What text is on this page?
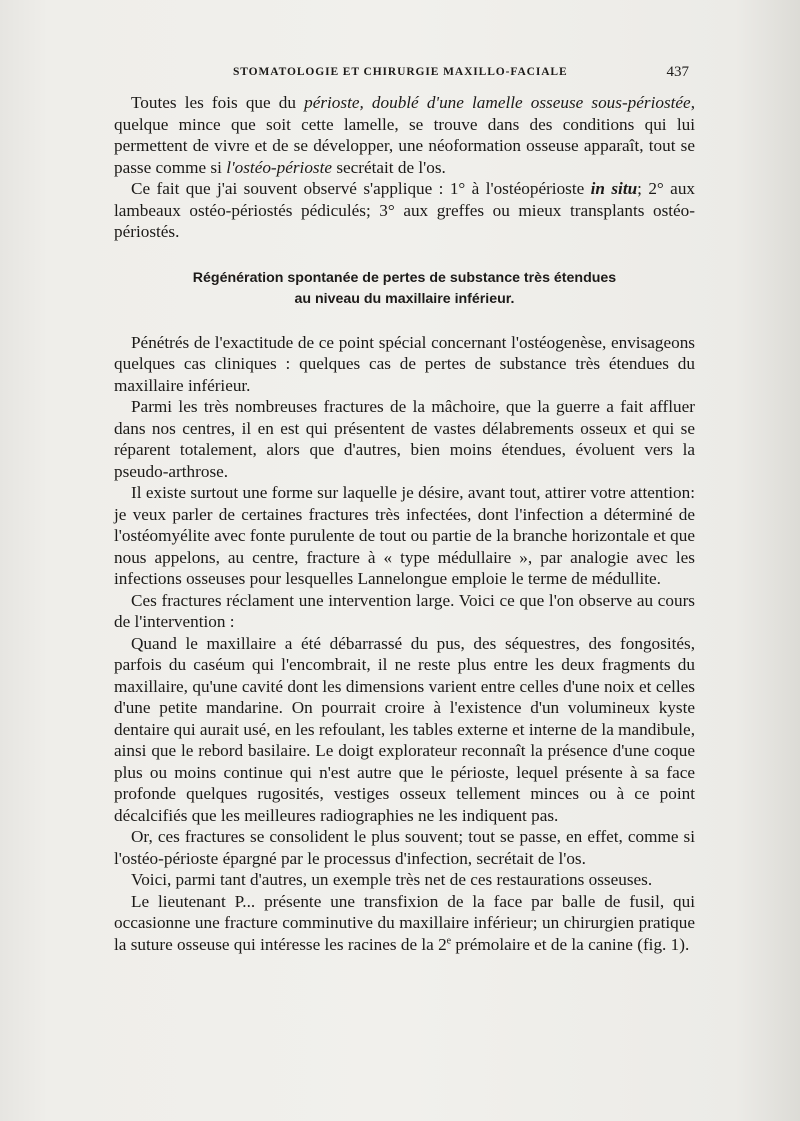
STOMATOLOGIE ET CHIRURGIE MAXILLO-FACIALE	437

Toutes les fois que du périoste, doublé d'une lamelle osseuse sous-périostée, quelque mince que soit cette lamelle, se trouve dans des conditions qui lui permettent de vivre et de se développer, une néoformation osseuse apparaît, tout se passe comme si l'ostéo-périoste secrétait de l'os.

Ce fait que j'ai souvent observé s'applique : 1° à l'ostéopérioste in situ; 2° aux lambeaux ostéo-périostés pédiculés; 3° aux greffes ou mieux transplants ostéo-périostés.

Régénération spontanée de pertes de substance très étendues
au niveau du maxillaire inférieur.

Pénétrés de l'exactitude de ce point spécial concernant l'ostéogenèse, envisageons quelques cas cliniques : quelques cas de pertes de substance très étendues du maxillaire inférieur.

Parmi les très nombreuses fractures de la mâchoire, que la guerre a fait affluer dans nos centres, il en est qui présentent de vastes délabrements osseux et qui se réparent totalement, alors que d'autres, bien moins étendues, évoluent vers la pseudo-arthrose.

Il existe surtout une forme sur laquelle je désire, avant tout, attirer votre attention: je veux parler de certaines fractures très infectées, dont l'infection a déterminé de l'ostéomyélite avec fonte purulente de tout ou partie de la branche horizontale et que nous appelons, au centre, fracture à « type médullaire », par analogie avec les infections osseuses pour lesquelles Lannelongue emploie le terme de médullite.

Ces fractures réclament une intervention large. Voici ce que l'on observe au cours de l'intervention :

Quand le maxillaire a été débarrassé du pus, des séquestres, des fongosités, parfois du caséum qui l'encombrait, il ne reste plus entre les deux fragments du maxillaire, qu'une cavité dont les dimensions varient entre celles d'une noix et celles d'une petite mandarine. On pourrait croire à l'existence d'un volumineux kyste dentaire qui aurait usé, en les refoulant, les tables externe et interne de la mandibule, ainsi que le rebord basilaire. Le doigt explorateur reconnaît la présence d'une coque plus ou moins continue qui n'est autre que le périoste, lequel présente à sa face profonde quelques rugosités, vestiges osseux tellement minces ou à ce point décalcifiés que les meilleures radiographies ne les indiquent pas.

Or, ces fractures se consolident le plus souvent; tout se passe, en effet, comme si l'ostéo-périoste épargné par le processus d'infection, secrétait de l'os.

Voici, parmi tant d'autres, un exemple très net de ces restaurations osseuses.

Le lieutenant P... présente une transfixion de la face par balle de fusil, qui occasionne une fracture comminutive du maxillaire inférieur; un chirurgien pratique la suture osseuse qui intéresse les racines de la 2e prémolaire et de la canine (fig. 1).
